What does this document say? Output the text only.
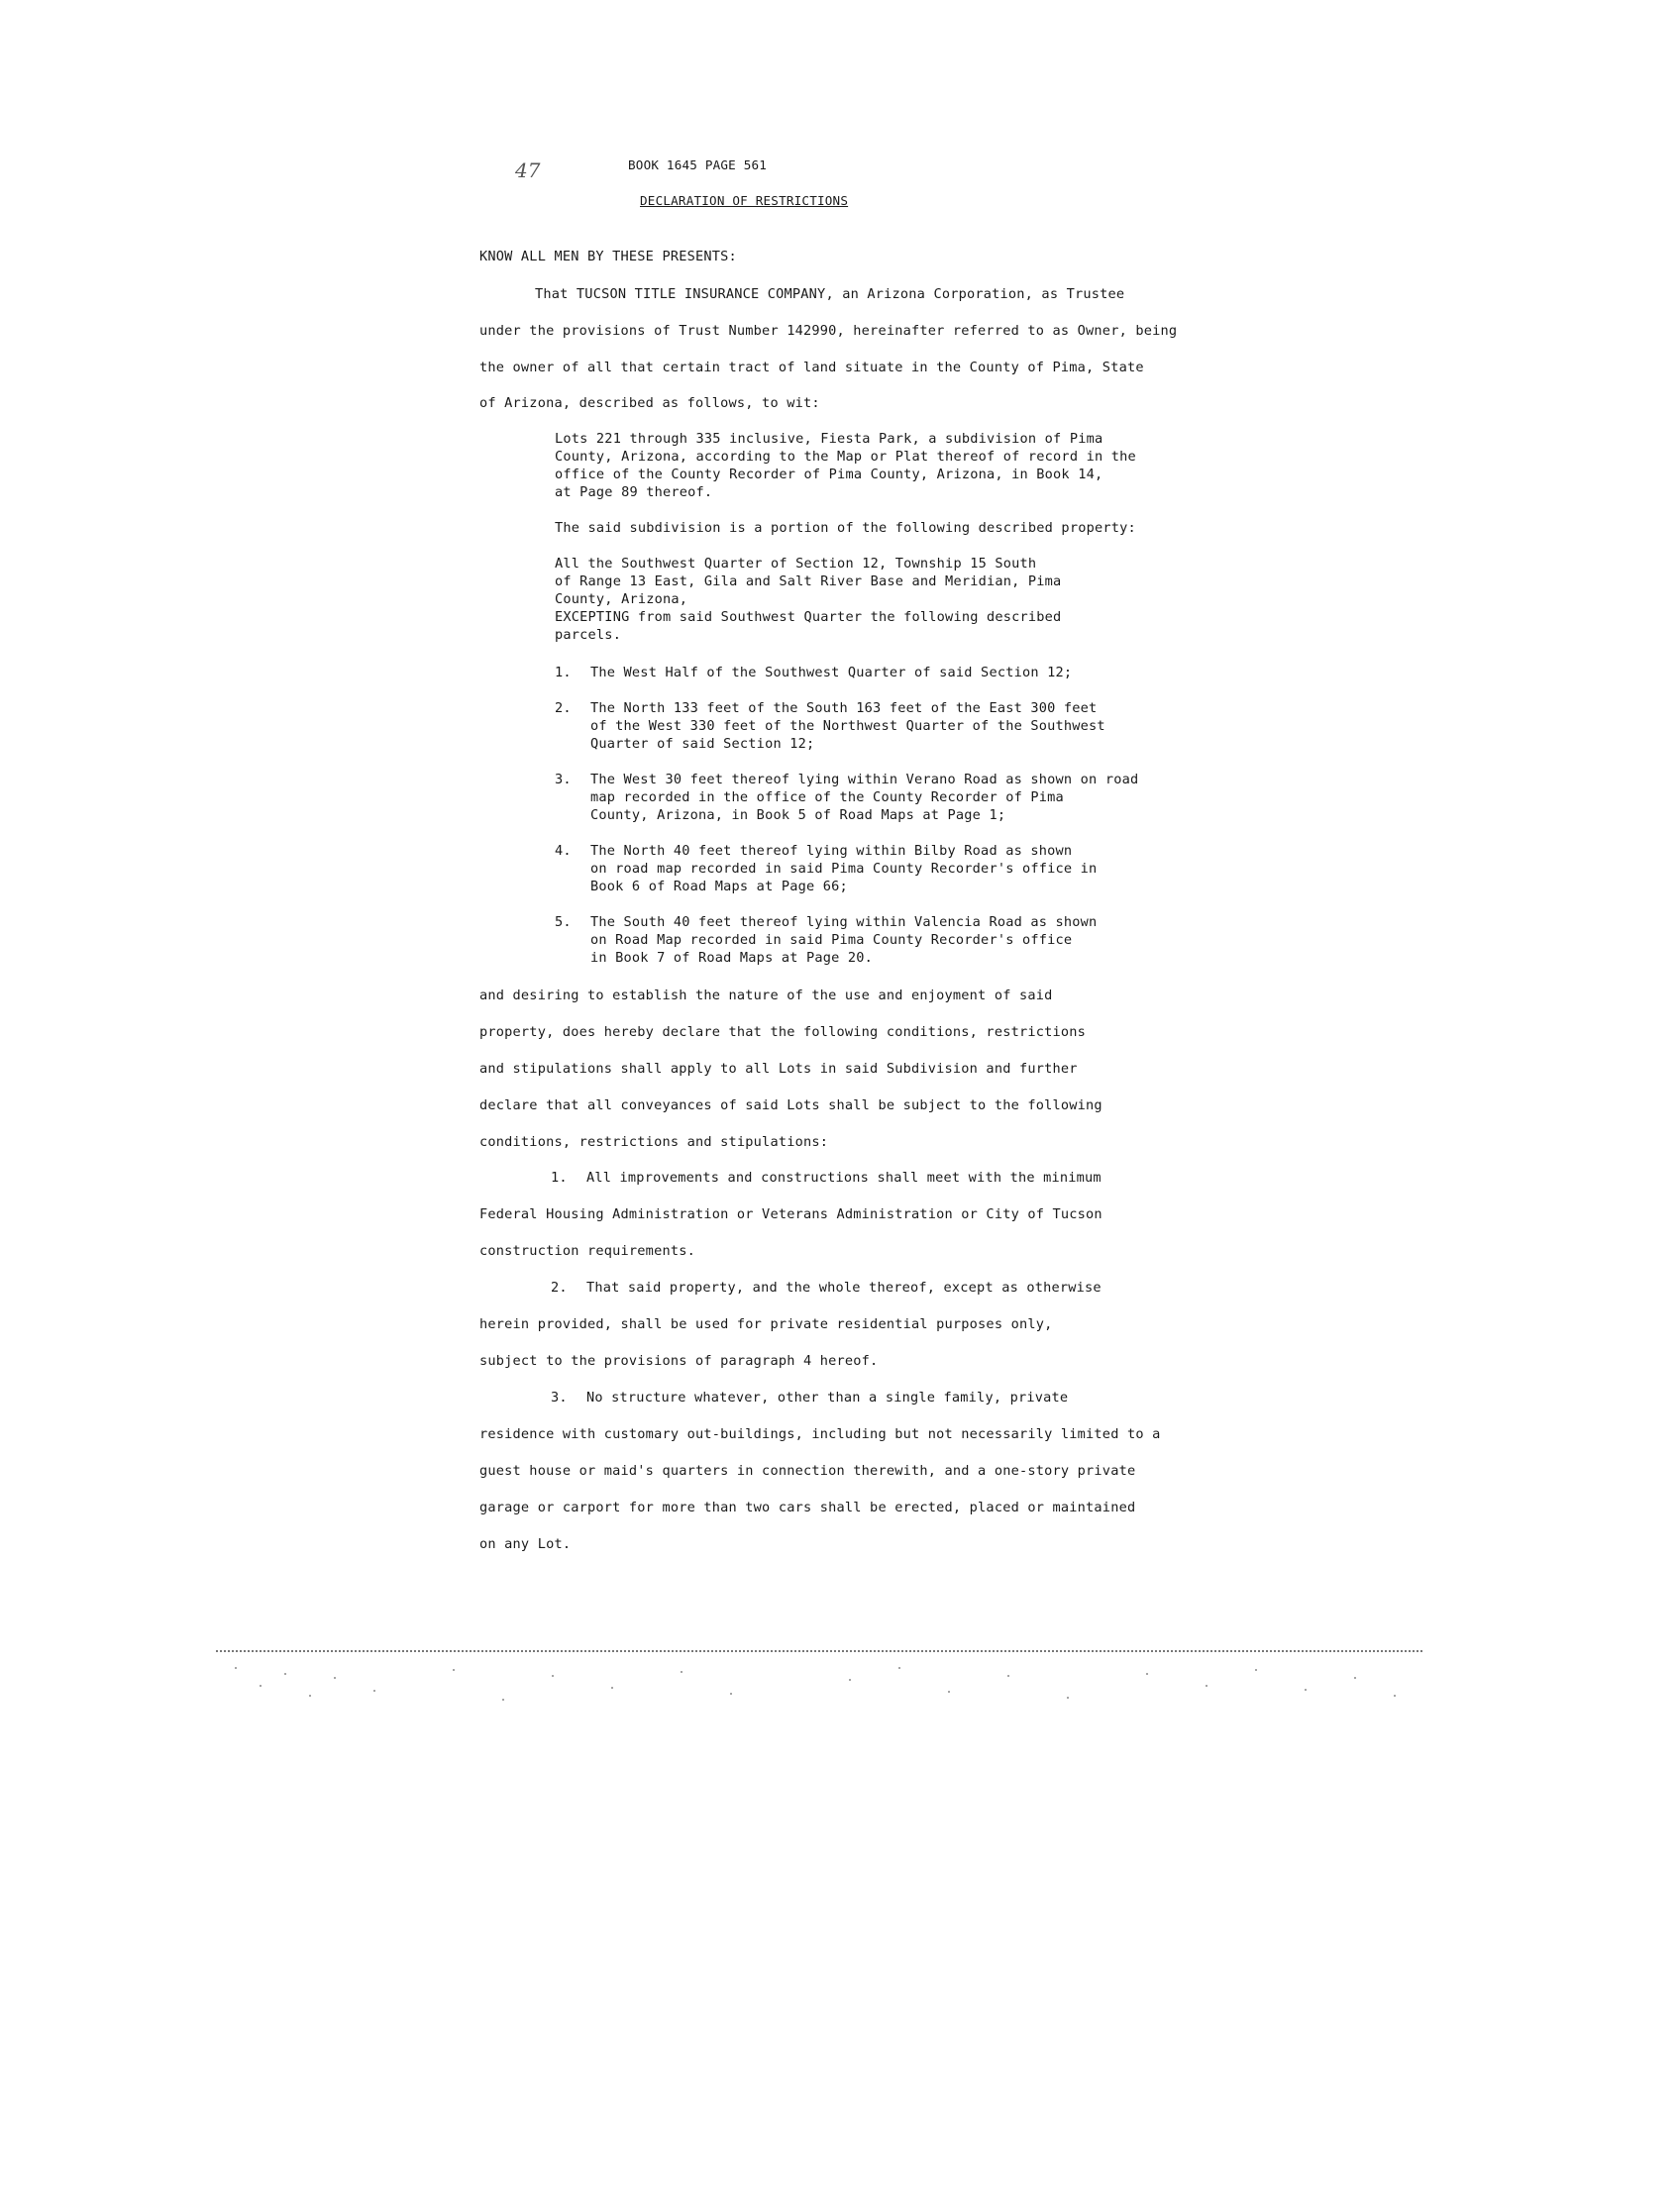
47	BOOK 1645 PAGE 561
DECLARATION OF RESTRICTIONS
KNOW ALL MEN BY THESE PRESENTS:
That TUCSON TITLE INSURANCE COMPANY, an Arizona Corporation, as Trustee
under the provisions of Trust Number 142990, hereinafter referred to as Owner, being
the owner of all that certain tract of land situate in the County of Pima, State
of Arizona, described as follows, to wit:
Lots 221 through 335 inclusive, Fiesta Park, a subdivision of Pima
County, Arizona, according to the Map or Plat thereof of record in the
office of the County Recorder of Pima County, Arizona, in Book 14,
at Page 89 thereof.
The said subdivision is a portion of the following described property:
All the Southwest Quarter of Section 12, Township 15 South
of Range 13 East, Gila and Salt River Base and Meridian, Pima
County, Arizona,
EXCEPTING from said Southwest Quarter the following described
parcels.
1. The West Half of the Southwest Quarter of said Section 12;
2. The North 133 feet of the South 163 feet of the East 300 feet
of the West 330 feet of the Northwest Quarter of the Southwest
Quarter of said Section 12;
3. The West 30 feet thereof lying within Verano Road as shown on road
map recorded in the office of the County Recorder of Pima
County, Arizona, in Book 5 of Road Maps at Page 1;
4. The North 40 feet thereof lying within Bilby Road as shown
on road map recorded in said Pima County Recorder's office in
Book 6 of Road Maps at Page 66;
5. The South 40 feet thereof lying within Valencia Road as shown
on Road Map recorded in said Pima County Recorder's office
in Book 7 of Road Maps at Page 20.
and desiring to establish the nature of the use and enjoyment of said
property, does hereby declare that the following conditions, restrictions
and stipulations shall apply to all Lots in said Subdivision and further
declare that all conveyances of said Lots shall be subject to the following
conditions, restrictions and stipulations:
1. All improvements and constructions shall meet with the minimum
Federal Housing Administration or Veterans Administration or City of Tucson
construction requirements.
2. That said property, and the whole thereof, except as otherwise
herein provided, shall be used for private residential purposes only,
subject to the provisions of paragraph 4 hereof.
3. No structure whatever, other than a single family, private
residence with customary out-buildings, including but not necessarily limited to a
guest house or maid's quarters in connection therewith, and a one-story private
garage or carport for more than two cars shall be erected, placed or maintained
on any Lot.
